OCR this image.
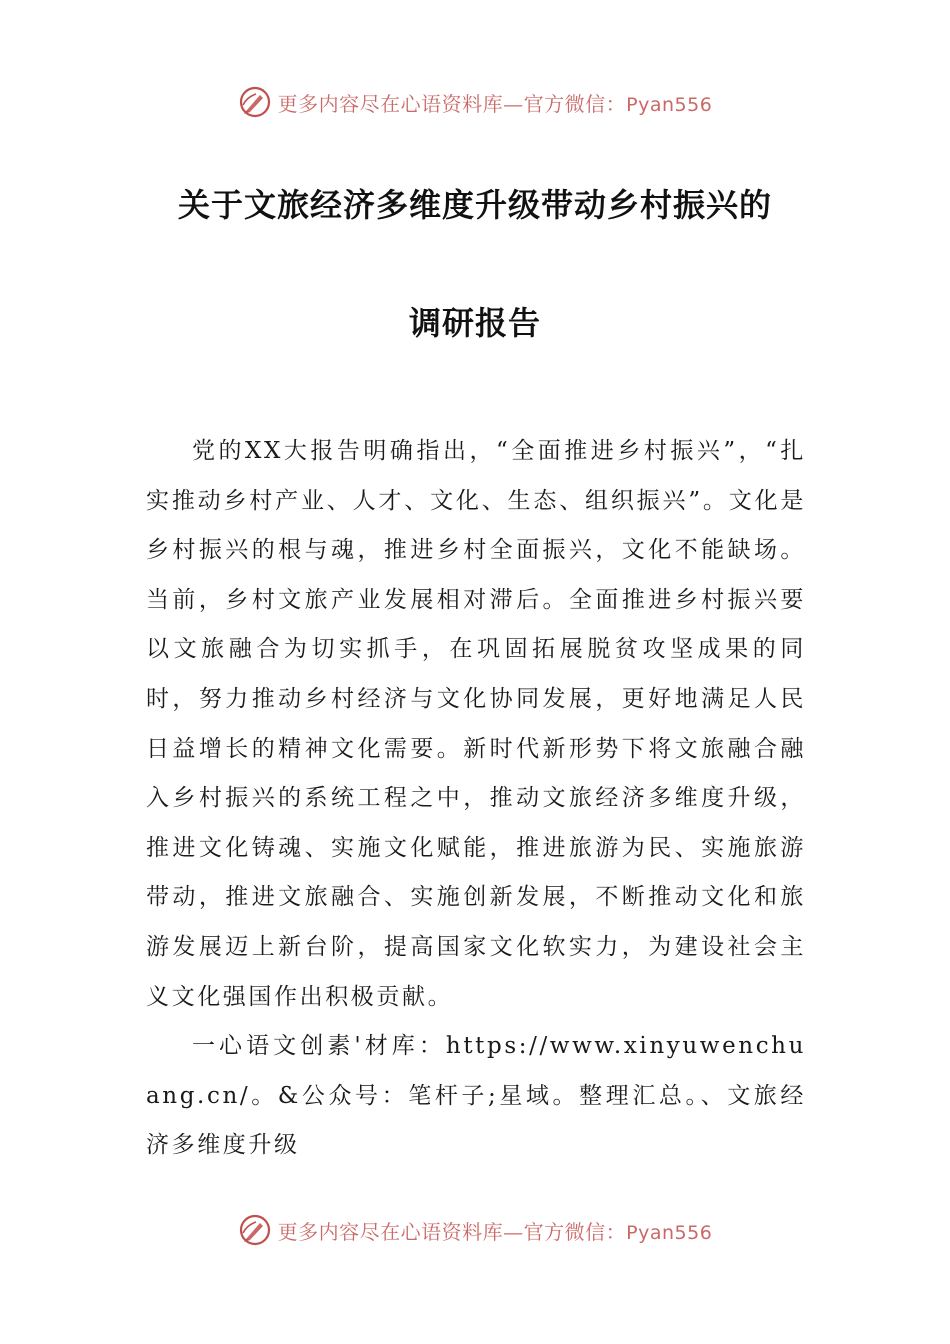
更多内容尽在心语资料库—官方微信：Pyan556
关于文旅经济多维度升级带动乡村振兴的
调研报告

党的XX大报告明确指出，“全面推进乡村振兴”，“扎实推动乡村产业、人才、文化、生态、组织振兴”。文化是乡村振兴的根与魂，推进乡村全面振兴，文化不能缺场。当前，乡村文旅产业发展相对滞后。全面推进乡村振兴要以文旅融合为切实抓手，在巩固拓展脱贫攻坚成果的同时，努力推动乡村经济与文化协同发展，更好地满足人民日益增长的精神文化需要。新时代新形势下将文旅融合融入乡村振兴的系统工程之中，推动文旅经济多维度升级，推进文化铸魂、实施文化赋能，推进旅游为民、实施旅游带动，推进文旅融合、实施创新发展，不断推动文化和旅游发展迈上新台阶，提高国家文化软实力，为建设社会主义文化强国作出积极贡献。

一心语文创素'材库：https://www.xinyuwenchuang.cn/。&公众号：笔杆子;星域。整理汇总。、文旅经济多维度升级

更多内容尽在心语资料库—官方微信：Pyan556
